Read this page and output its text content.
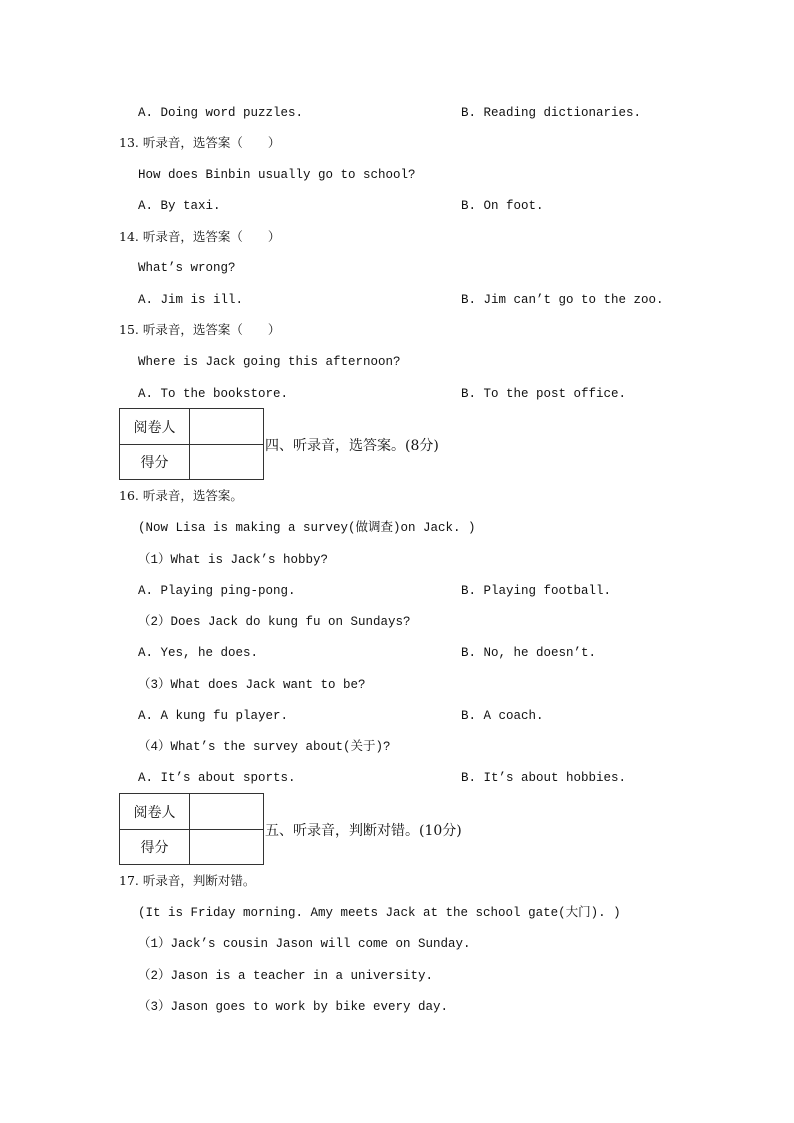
A. Doing word puzzles.	B. Reading dictionaries.
13. 听录音，选答案（　　）
How does Binbin usually go to school?
A. By taxi.	B. On foot.
14. 听录音，选答案（　　）
What’s wrong?
A. Jim is ill.	B. Jim can’t go to the zoo.
15. 听录音，选答案（　　）
Where is Jack going this afternoon?
A. To the bookstore.	B. To the post office.
阅卷人
得分
四、听录音，选答案。(8分)
16. 听录音，选答案。
(Now Lisa is making a survey(做调查)on Jack. )
（1）What is Jack’s hobby?
A. Playing ping-pong.	B. Playing football.
（2）Does Jack do kung fu on Sundays?
A. Yes, he does.	B. No, he doesn’t.
（3）What does Jack want to be?
A. A kung fu player.	B. A coach.
（4）What’s the survey about(关于)?
A. It’s about sports.	B. It’s about hobbies.
阅卷人
得分
五、听录音，判断对错。(10分)
17. 听录音，判断对错。
(It is Friday morning. Amy meets Jack at the school gate(大门). )
（1）Jack’s cousin Jason will come on Sunday.
（2）Jason is a teacher in a university.
（3）Jason goes to work by bike every day.
